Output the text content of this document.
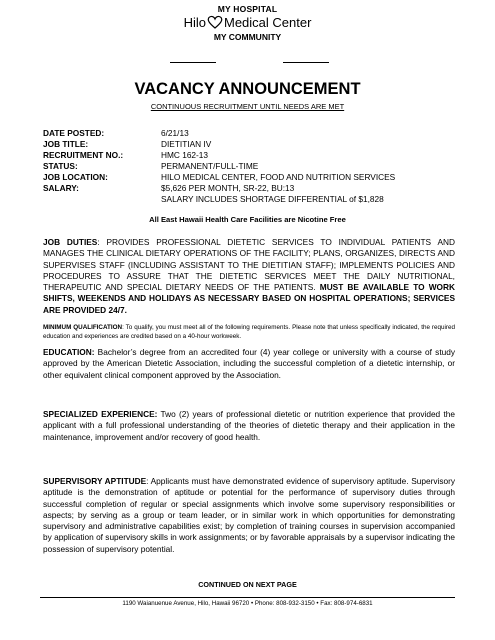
MY HOSPITAL
Hilo Medical Center
MY COMMUNITY
VACANCY ANNOUNCEMENT
CONTINUOUS RECRUITMENT UNTIL NEEDS ARE MET
DATE POSTED:	6/21/13
JOB TITLE:	DIETITIAN IV
RECRUITMENT NO.:	HMC 162-13
STATUS:	PERMANENT/FULL-TIME
JOB LOCATION:	HILO MEDICAL CENTER, FOOD AND NUTRITION SERVICES
SALARY:	$5,626 PER MONTH, SR-22, BU:13
SALARY INCLUDES SHORTAGE DIFFERENTIAL of $1,828
All East Hawaii Health Care Facilities are Nicotine Free
JOB DUTIES: PROVIDES PROFESSIONAL DIETETIC SERVICES TO INDIVIDUAL PATIENTS AND MANAGES THE CLINICAL DIETARY OPERATIONS OF THE FACILITY; PLANS, ORGANIZES, DIRECTS AND SUPERVISES STAFF (INCLUDING ASSISTANT TO THE DIETITIAN STAFF); IMPLEMENTS POLICIES AND PROCEDURES TO ASSURE THAT THE DIETETIC SERVICES MEET THE DAILY NUTRITIONAL, THERAPEUTIC AND SPECIAL DIETARY NEEDS OF THE PATIENTS. MUST BE AVAILABLE TO WORK SHIFTS, WEEKENDS AND HOLIDAYS AS NECESSARY BASED ON HOSPITAL OPERATIONS; SERVICES ARE PROVIDED 24/7.
MINIMUM QUALIFICATION: To qualify, you must meet all of the following requirements. Please note that unless specifically indicated, the required education and experiences are credited based on a 40-hour workweek.
EDUCATION: Bachelor’s degree from an accredited four (4) year college or university with a course of study approved by the American Dietetic Association, including the successful completion of a dietetic internship, or other equivalent clinical component approved by the Association.
SPECIALIZED EXPERIENCE: Two (2) years of professional dietetic or nutrition experience that provided the applicant with a full professional understanding of the theories of dietetic therapy and their application in the maintenance, improvement and/or recovery of good health.
SUPERVISORY APTITUDE: Applicants must have demonstrated evidence of supervisory aptitude. Supervisory aptitude is the demonstration of aptitude or potential for the performance of supervisory duties through successful completion of regular or special assignments which involve some supervisory responsibilities or aspects; by serving as a group or team leader, or in similar work in which opportunities for demonstrating supervisory and administrative capabilities exist; by completion of training courses in supervision accompanied by application of supervisory skills in work assignments; or by favorable appraisals by a supervisor indicating the possession of supervisory potential.
CONTINUED ON NEXT PAGE
1190 Waianuenue Avenue, Hilo, Hawaii 96720 • Phone: 808-932-3150 • Fax: 808-974-6831
